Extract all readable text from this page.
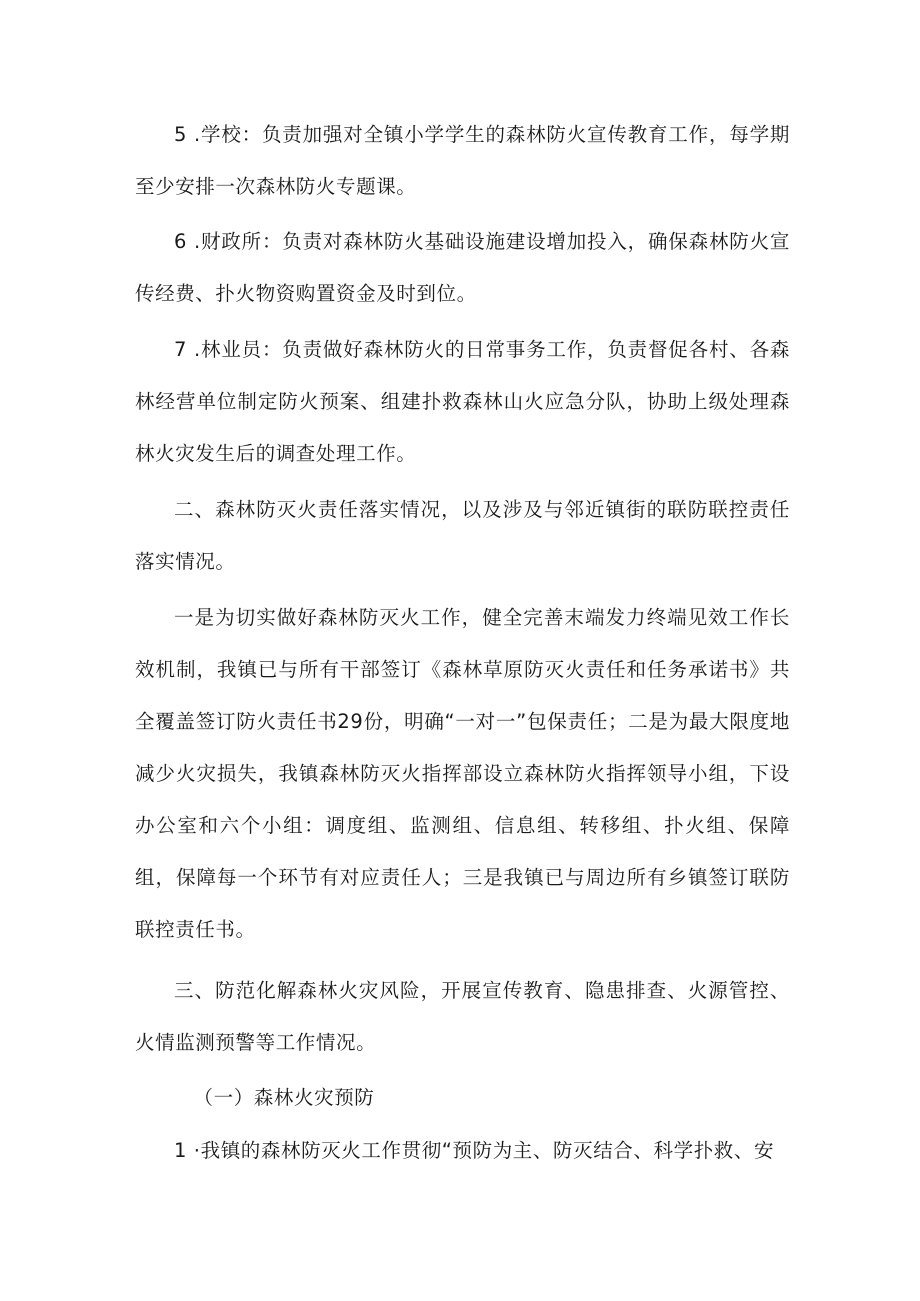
5 .学校：负责加强对全镇小学学生的森林防火宣传教育工作，每学期至少安排一次森林防火专题课。

6 .财政所：负责对森林防火基础设施建设增加投入，确保森林防火宣传经费、扑火物资购置资金及时到位。

7 .林业员：负责做好森林防火的日常事务工作，负责督促各村、各森林经营单位制定防火预案、组建扑救森林山火应急分队，协助上级处理森林火灾发生后的调查处理工作。

二、森林防灭火责任落实情况，以及涉及与邻近镇街的联防联控责任落实情况。

一是为切实做好森林防灭火工作，健全完善末端发力终端见效工作长效机制，我镇已与所有干部签订《森林草原防灭火责任和任务承诺书》共全覆盖签订防火责任书29份，明确“一对一”包保责任；二是为最大限度地减少火灾损失，我镇森林防灭火指挥部设立森林防火指挥领导小组，下设办公室和六个小组：调度组、监测组、信息组、转移组、扑火组、保障组，保障每一个环节有对应责任人；三是我镇已与周边所有乡镇签订联防联控责任书。

三、防范化解森林火灾风险，开展宣传教育、隐患排查、火源管控、火情监测预警等工作情况。

（一）森林火灾预防

1 ·我镇的森林防灭火工作贯彻“预防为主、防灭结合、科学扑救、安
